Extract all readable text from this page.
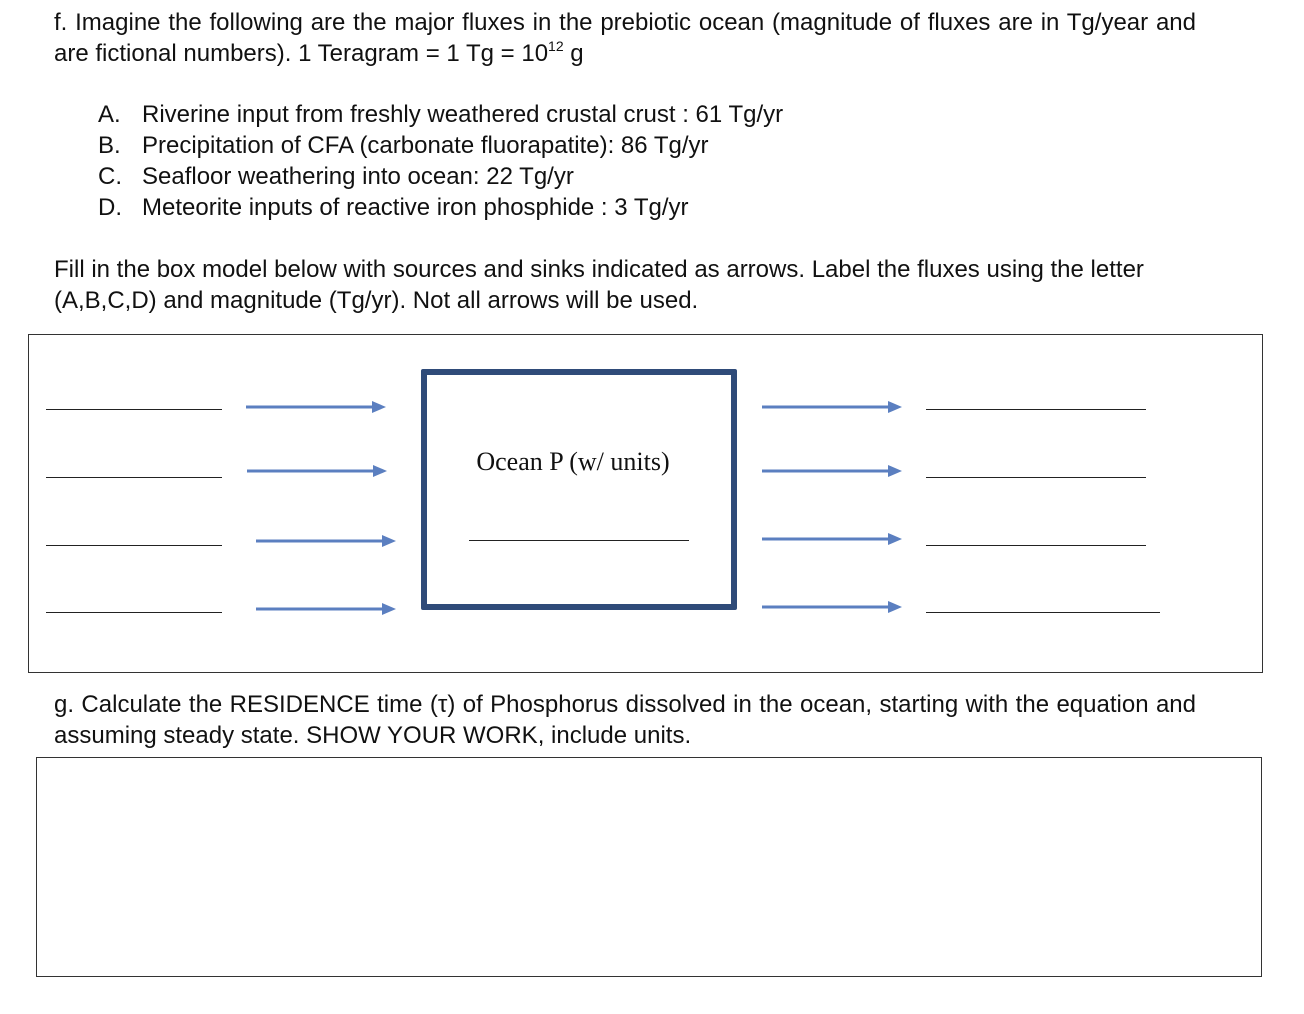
f. Imagine the following are the major fluxes in the prebiotic ocean (magnitude of fluxes are in Tg/year and are fictional numbers). 1 Teragram = 1 $Tg = 10^{12}$ g

A. Riverine input from freshly weathered crustal crust : 61 Tg/yr
B. Precipitation of CFA (carbonate fluorapatite): 86 Tg/yr
C. Seafloor weathering into ocean: 22 Tg/yr
D. Meteorite inputs of reactive iron phosphide : 3 Tg/yr

Fill in the box model below with sources and sinks indicated as arrows. Label the fluxes using the letter (A,B,C,D) and magnitude (Tg/yr). Not all arrows will be used.

Ocean P (w/ units)

g. Calculate the RESIDENCE time (τ) of Phosphorus dissolved in the ocean, starting with the equation and assuming steady state. SHOW YOUR WORK, include units.
